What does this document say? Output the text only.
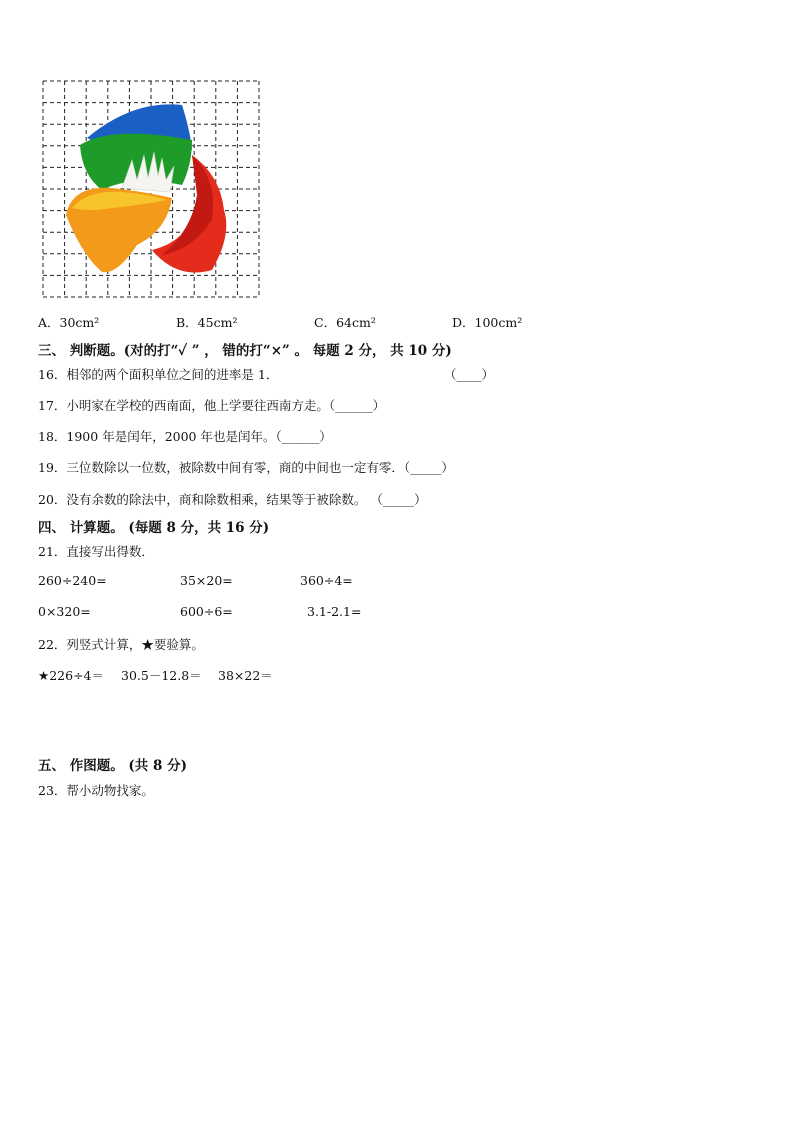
A．30cm²	B．45cm²	C．64cm²	D．100cm²
三、 判断题。(对的打“✓ ” ， 错的打“×” 。 每题 2 分， 共 10 分)
16．相邻的两个面积单位之间的进率是 1．	（____）
17．小明家在学校的西南面，他上学要往西南方走。（______）
18．1900 年是闰年，2000 年也是闰年。（______）
19．三位数除以一位数，被除数中间有零，商的中间也一定有零．（_____）
20．没有余数的除法中，商和除数相乘，结果等于被除数。 （_____）
四、 计算题。 (每题 8 分，共 16 分)
21．直接写出得数．
260÷240=	35×20=	360÷4=
0×320=	600÷6=	3.1-2.1=
22．列竖式计算，★要验算。
★226÷4＝ 30.5－12.8＝ 38×22＝
五、 作图题。 (共 8 分)
23．帮小动物找家。
